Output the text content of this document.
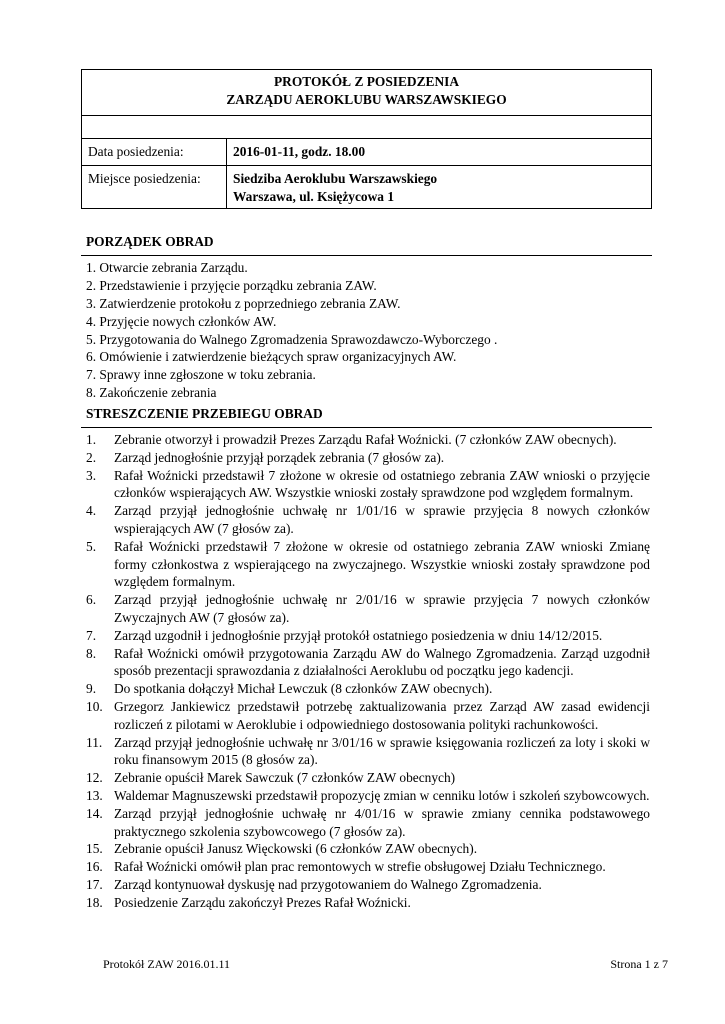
PROTOKÓŁ Z POSIEDZENIA
ZARZĄDU AEROKLUBU WARSZAWSKIEGO	

Data posiedzenia:	2016-01-11, godz. 18.00
Miejsce posiedzenia:	Siedziba Aeroklubu Warszawskiego
Warszawa, ul. Księżycowa 1
PORZĄDEK OBRAD
1. Otwarcie zebrania Zarządu.
2. Przedstawienie i przyjęcie porządku zebrania ZAW.
3. Zatwierdzenie protokołu z poprzedniego zebrania ZAW.
4. Przyjęcie nowych członków AW.
5. Przygotowania do Walnego Zgromadzenia Sprawozdawczo-Wyborczego .
6. Omówienie i zatwierdzenie bieżących spraw organizacyjnych AW.
7. Sprawy inne zgłoszone w toku zebrania.
8. Zakończenie zebrania
STRESZCZENIE PRZEBIEGU OBRAD
1.	Zebranie otworzył i prowadził Prezes Zarządu Rafał Woźnicki. (7 członków ZAW obecnych).
2.	Zarząd jednogłośnie przyjął porządek zebrania (7 głosów za).
3.	Rafał Woźnicki przedstawił 7 złożone w okresie od ostatniego zebrania ZAW wnioski o przyjęcie członków wspierających AW. Wszystkie wnioski zostały sprawdzone pod względem formalnym.
4.	Zarząd przyjął jednogłośnie uchwałę nr 1/01/16 w sprawie przyjęcia 8 nowych członków wspierających AW (7 głosów za).
5.	Rafał Woźnicki przedstawił 7 złożone w okresie od ostatniego zebrania ZAW wnioski Zmianę formy członkostwa z wspierającego na zwyczajnego. Wszystkie wnioski zostały sprawdzone pod względem formalnym.
6.	Zarząd przyjął jednogłośnie uchwałę nr 2/01/16 w sprawie przyjęcia 7 nowych członków Zwyczajnych AW (7 głosów za).
7.	Zarząd uzgodnił i jednogłośnie przyjął protokół ostatniego posiedzenia w dniu 14/12/2015.
8.	Rafał Woźnicki omówił przygotowania Zarządu AW do Walnego Zgromadzenia. Zarząd uzgodnił sposób prezentacji sprawozdania z działalności Aeroklubu od początku jego kadencji.
9.	Do spotkania dołączył Michał Lewczuk (8 członków ZAW obecnych).
10. Grzegorz Jankiewicz przedstawił potrzebę zaktualizowania przez Zarząd AW zasad ewidencji rozliczeń z pilotami w Aeroklubie i odpowiedniego dostosowania polityki rachunkowości.
11. Zarząd przyjął jednogłośnie uchwałę nr 3/01/16 w sprawie księgowania rozliczeń za loty i skoki w roku finansowym 2015 (8 głosów za).
12. Zebranie opuścił Marek Sawczuk (7 członków ZAW obecnych)
13. Waldemar Magnuszewski przedstawił propozycję zmian w cenniku lotów i szkoleń szybowcowych.
14. Zarząd przyjął jednogłośnie uchwałę nr 4/01/16 w sprawie zmiany cennika podstawowego praktycznego szkolenia szybowcowego (7 głosów za).
15. Zebranie opuścił Janusz Więckowski (6 członków ZAW obecnych).
16. Rafał Woźnicki omówił plan prac remontowych w strefie obsługowej Działu Technicznego.
17. Zarząd kontynuował dyskusję nad przygotowaniem do Walnego Zgromadzenia.
18. Posiedzenie Zarządu zakończył Prezes Rafał Woźnicki.
Protokół ZAW 2016.01.11	Strona 1 z 7
